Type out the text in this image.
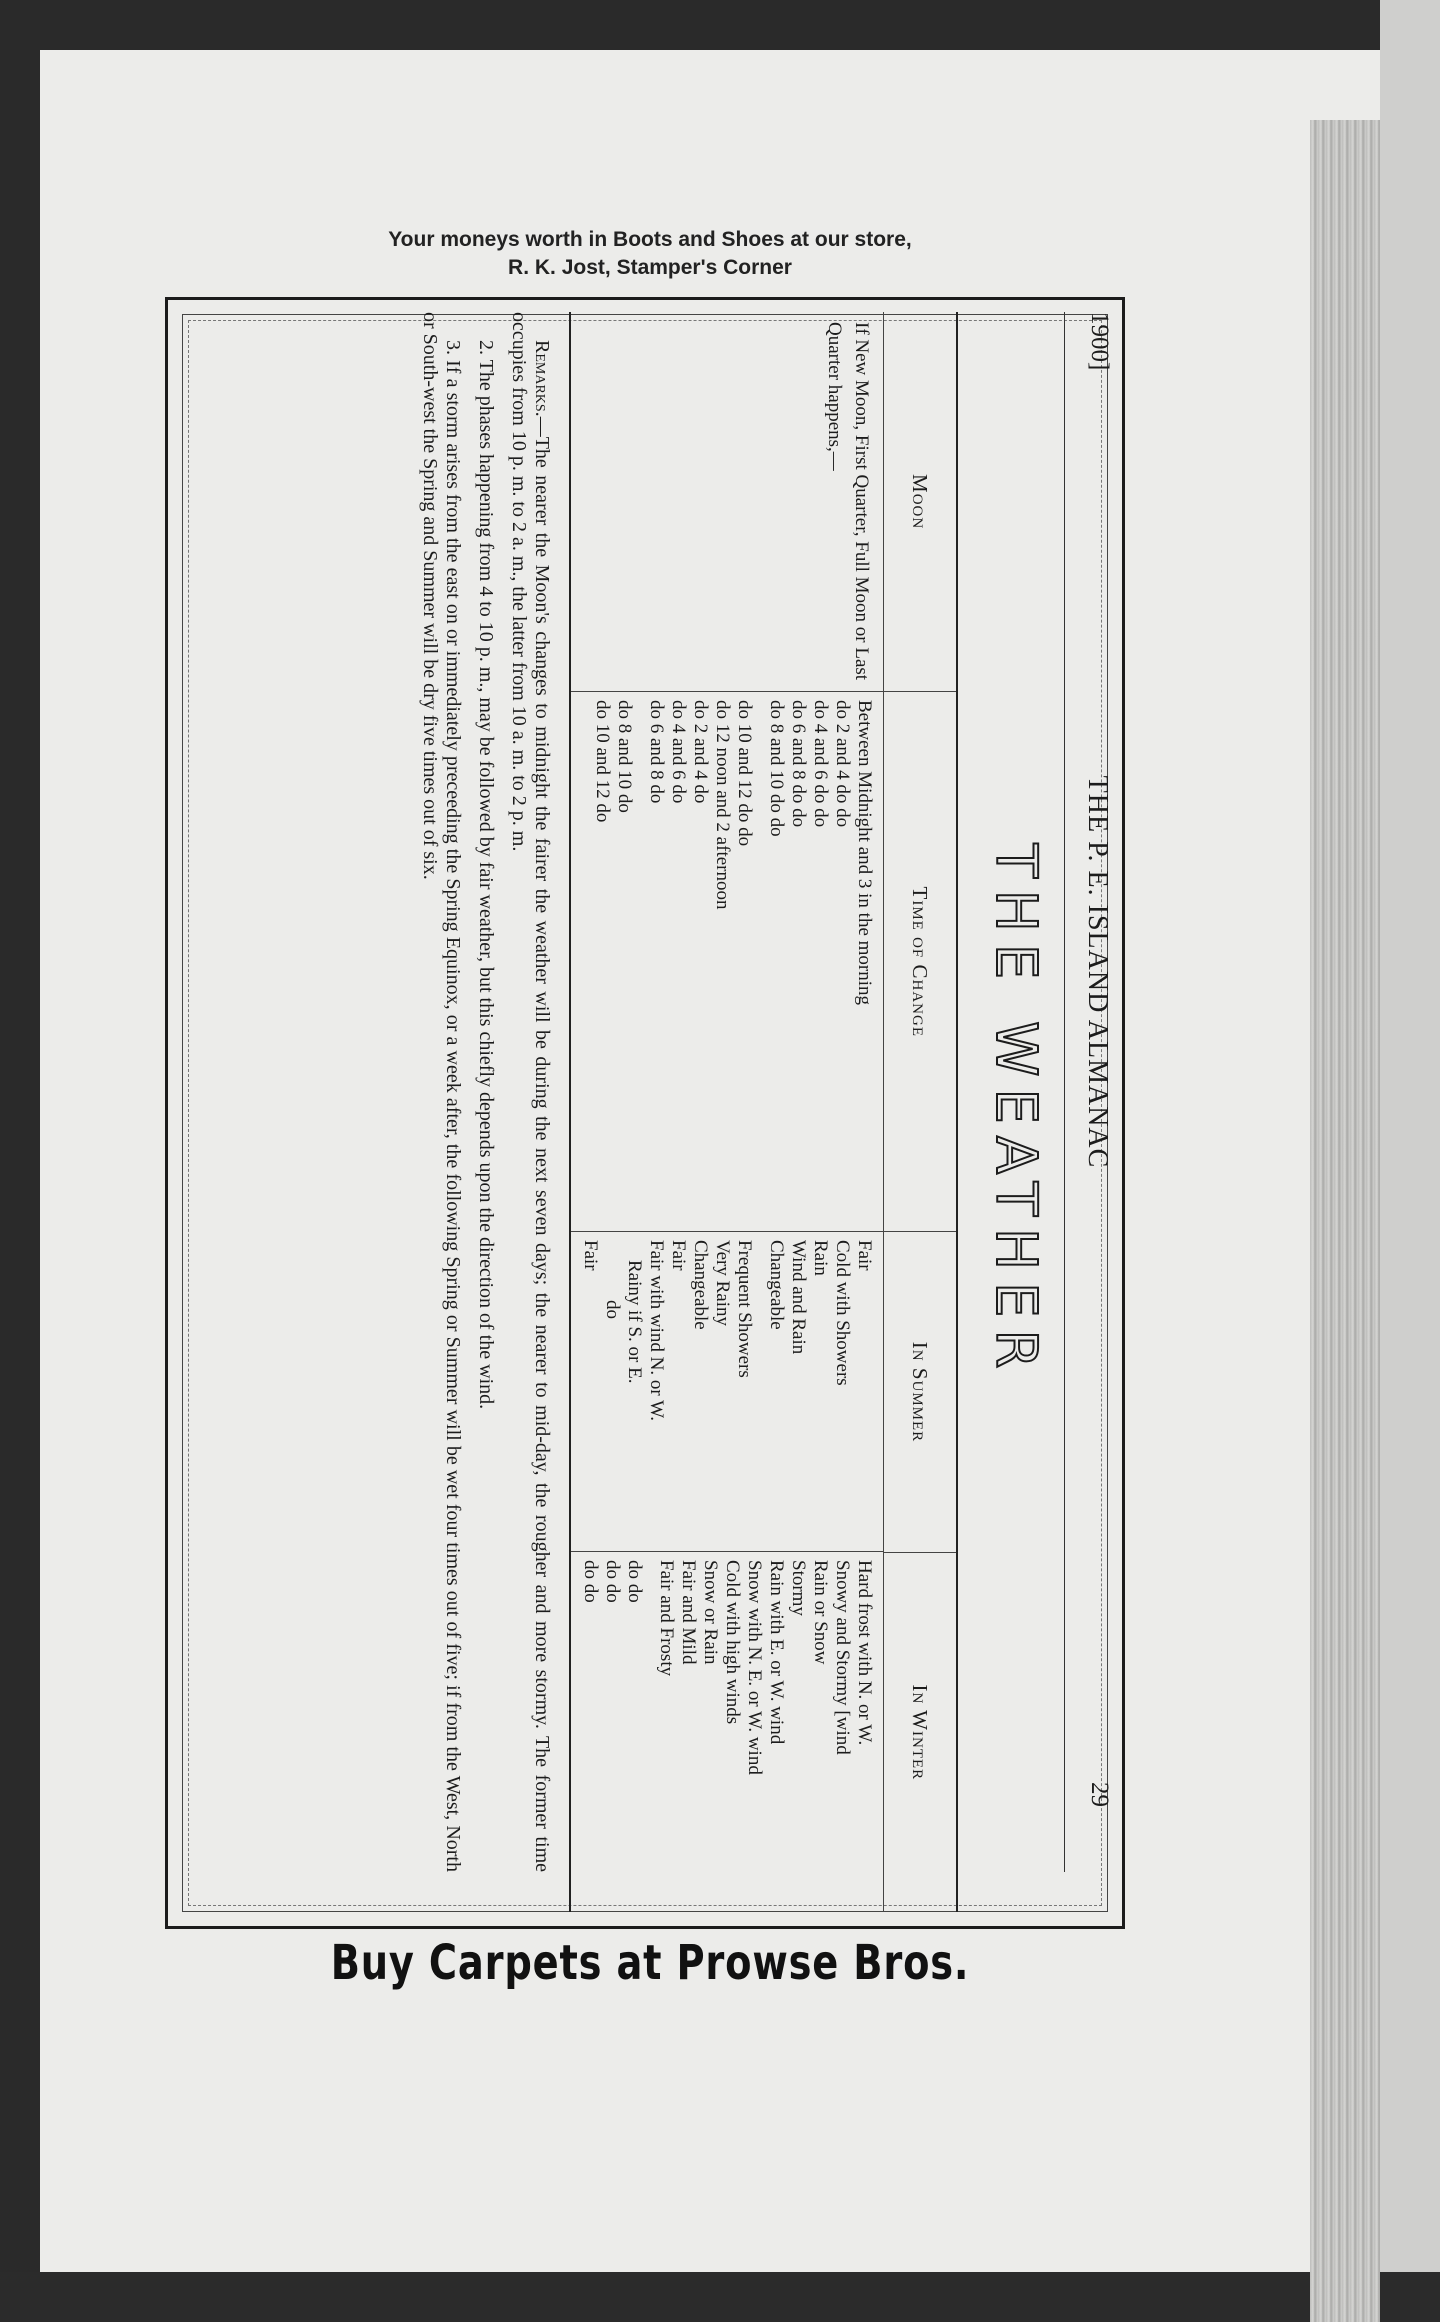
Your moneys worth in Boots and Shoes at our store,
R. K. Jost, Stamper's Corner
1900]
THE P. E. ISLAND ALMANAC
29
THE WEATHER
Moon
Time of Change
In Summer
In Winter
If New Moon, First Quarter, Full Moon or Last Quarter happens,—
Between Midnight and 3 in the morning
do 2 and 4 do do
do 4 and 6 do do
do 6 and 8 do do
do 8 and 10 do do
do 10 and 12 do do
do 12 noon and 2 afternoon
do 2 and 4 do
do 4 and 6 do
do 6 and 8 do
do 8 and 10 do
do 10 and 12 do
Fair
Cold with Showers
Rain
Wind and Rain
Changeable
Frequent Showers
Very Rainy
Changeable
Fair
Fair with wind N. or W.
Rainy if S. or E.
do
Fair
Hard frost with N. or W.
Snowy and Stormy [wind
Rain or Snow
Stormy
Rain with E. or W. wind
Snow with N. E. or W. wind
Cold with high winds
Snow or Rain
Fair and Mild
Fair and Frosty
do do
do do
do do

Remarks.—The nearer the Moon's changes to midnight the fairer the weather will be during the next seven days; the nearer to mid-day, the rougher and more stormy. The former time occupies from 10 p. m. to 2 a. m., the latter from 10 a. m. to 2 p. m.

2. The phases happening from 4 to 10 p. m., may be followed by fair weather, but this chiefly depends upon the direction of the wind.

3. If a storm arises from the east on or immediately preceeding the Spring Equinox, or a week after, the following Spring or Summer will be wet four times out of five; if from the West, North or South-west the Spring and Summer will be dry five times out of six.

Buy Carpets at Prowse Bros.
